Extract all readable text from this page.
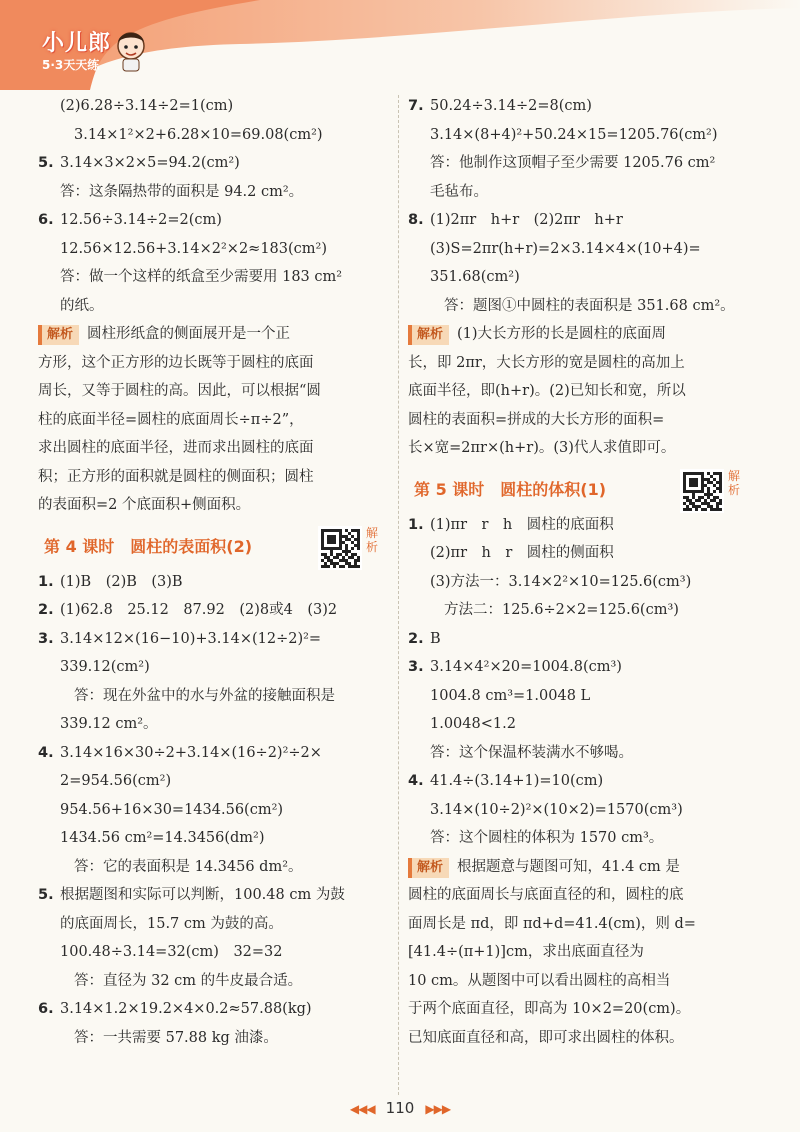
小儿郎
5·3天天练
(2)6.28÷3.14÷2=1(cm)
3.14×1²×2+6.28×10=69.08(cm²)
5. 3.14×3×2×5=94.2(cm²)
答：这条隔热带的面积是 94.2 cm²。
6. 12.56÷3.14÷2=2(cm)
12.56×12.56+3.14×2²×2≈183(cm²)
答：做一个这样的纸盒至少需要用 183 cm²
的纸。
解析 圆柱形纸盒的侧面展开是一个正
方形，这个正方形的边长既等于圆柱的底面
周长，又等于圆柱的高。因此，可以根据“圆
柱的底面半径=圆柱的底面周长÷π÷2”，
求出圆柱的底面半径，进而求出圆柱的底面
积；正方形的面积就是圆柱的侧面积；圆柱
的表面积=2 个底面积+侧面积。
第 4 课时 圆柱的表面积(2)
解析
1. (1)B　(2)B　(3)B
2. (1)62.8　25.12　87.92　(2)8或4　(3)2
3. 3.14×12×(16−10)+3.14×(12÷2)²=
339.12(cm²)
答：现在外盆中的水与外盆的接触面积是
339.12 cm²。
4. 3.14×16×30÷2+3.14×(16÷2)²÷2×
2=954.56(cm²)
954.56+16×30=1434.56(cm²)
1434.56 cm²=14.3456(dm²)
答：它的表面积是 14.3456 dm²。
5. 根据题图和实际可以判断，100.48 cm 为鼓
的底面周长，15.7 cm 为鼓的高。
100.48÷3.14=32(cm)　32=32
答：直径为 32 cm 的牛皮最合适。
6. 3.14×1.2×19.2×4×0.2≈57.88(kg)
答：一共需要 57.88 kg 油漆。
7. 50.24÷3.14÷2=8(cm)
3.14×(8+4)²+50.24×15=1205.76(cm²)
答：他制作这顶帽子至少需要 1205.76 cm²
毛毡布。
8. (1)2πr　h+r　(2)2πr　h+r
(3)S=2πr(h+r)=2×3.14×4×(10+4)=
351.68(cm²)
答：题图①中圆柱的表面积是 351.68 cm²。
解析 (1)大长方形的长是圆柱的底面周
长，即 2πr，大长方形的宽是圆柱的高加上
底面半径，即(h+r)。(2)已知长和宽，所以
圆柱的表面积=拼成的大长方形的面积=
长×宽=2πr×(h+r)。(3)代人求值即可。
第 5 课时 圆柱的体积(1)
解析
1. (1)πr　r　h　圆柱的底面积
(2)πr　h　r　圆柱的侧面积
(3)方法一：3.14×2²×10=125.6(cm³)
方法二：125.6÷2×2=125.6(cm³)
2. B
3. 3.14×4²×20=1004.8(cm³)
1004.8 cm³=1.0048 L
1.0048<1.2
答：这个保温杯装满水不够喝。
4. 41.4÷(3.14+1)=10(cm)
3.14×(10÷2)²×(10×2)=1570(cm³)
答：这个圆柱的体积为 1570 cm³。
解析 根据题意与题图可知，41.4 cm 是
圆柱的底面周长与底面直径的和，圆柱的底
面周长是 πd，即 πd+d=41.4(cm)，则 d=
[41.4÷(π+1)]cm，求出底面直径为
10 cm。从题图中可以看出圆柱的高相当
于两个底面直径，即高为 10×2=20(cm)。
已知底面直径和高，即可求出圆柱的体积。
◀◀◀ 110 ▶▶▶
